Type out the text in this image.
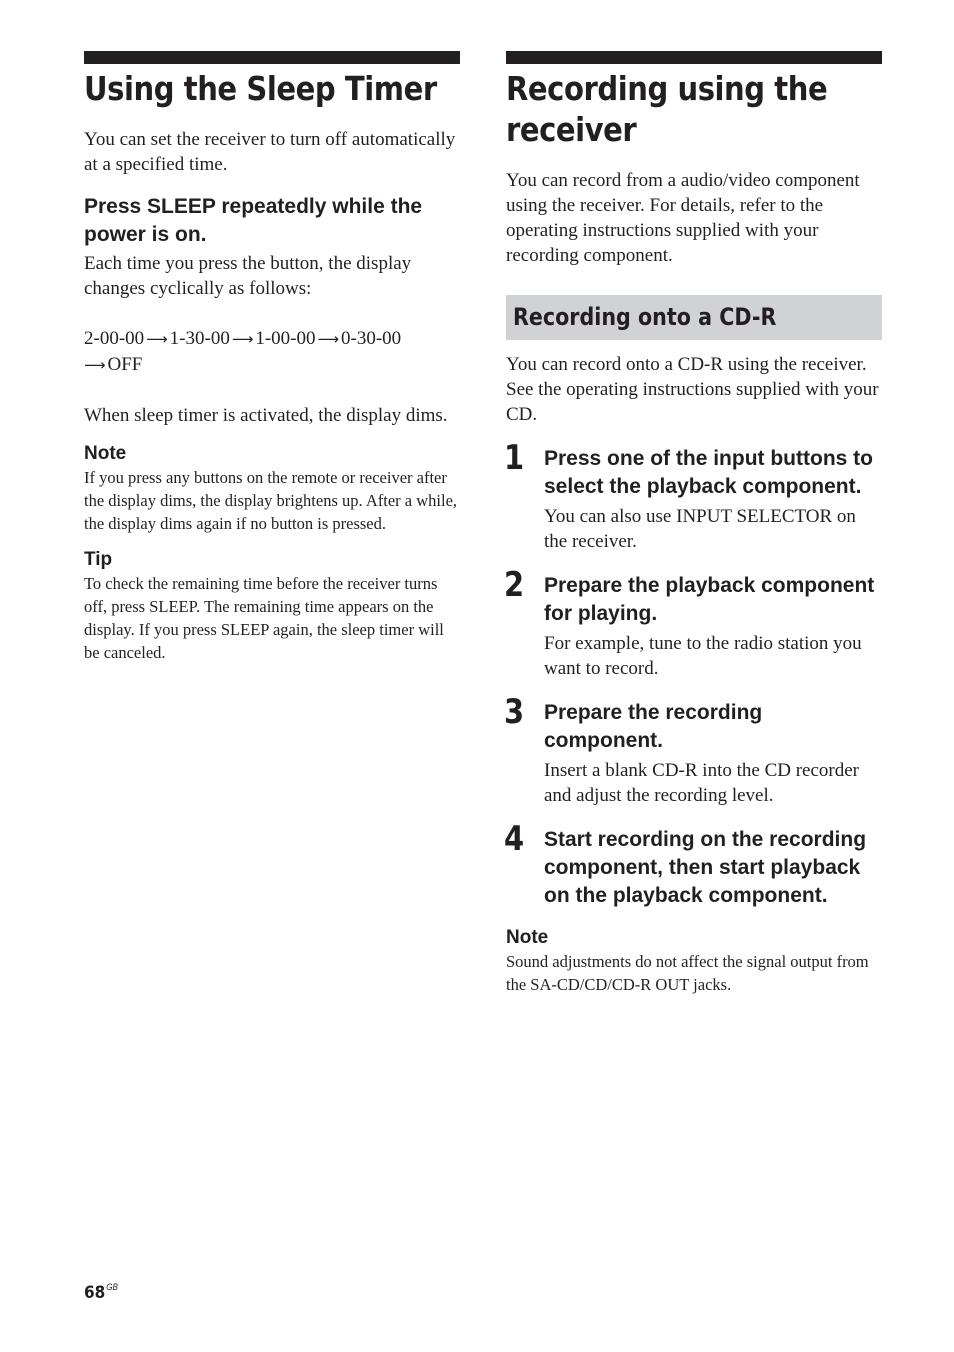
Using the Sleep Timer

You can set the receiver to turn off automatically at a specified time.

Press SLEEP repeatedly while the power is on.

Each time you press the button, the display changes cyclically as follows:

2-00-00 ⟶ 1-30-00 ⟶ 1-00-00 ⟶ 0-30-00
⟶ OFF

When sleep timer is activated, the display dims.

Note

If you press any buttons on the remote or receiver after the display dims, the display brightens up. After a while, the display dims again if no button is pressed.

Tip

To check the remaining time before the receiver turns off, press SLEEP. The remaining time appears on the display. If you press SLEEP again, the sleep timer will be canceled.

Recording using the
receiver

You can record from a audio/video component using the receiver. For details, refer to the operating instructions supplied with your recording component.

Recording onto a CD-R

You can record onto a CD-R using the receiver. See the operating instructions supplied with your CD.

1 Press one of the input buttons to select the playback component.

You can also use INPUT SELECTOR on the receiver.

2 Prepare the playback component for playing.

For example, tune to the radio station you want to record.

3 Prepare the recording component.

Insert a blank CD-R into the CD recorder and adjust the recording level.

4 Start recording on the recording component, then start playback on the playback component.

Note

Sound adjustments do not affect the signal output from the SA-CD/CD/CD-R OUT jacks.

$68^{GB}$
